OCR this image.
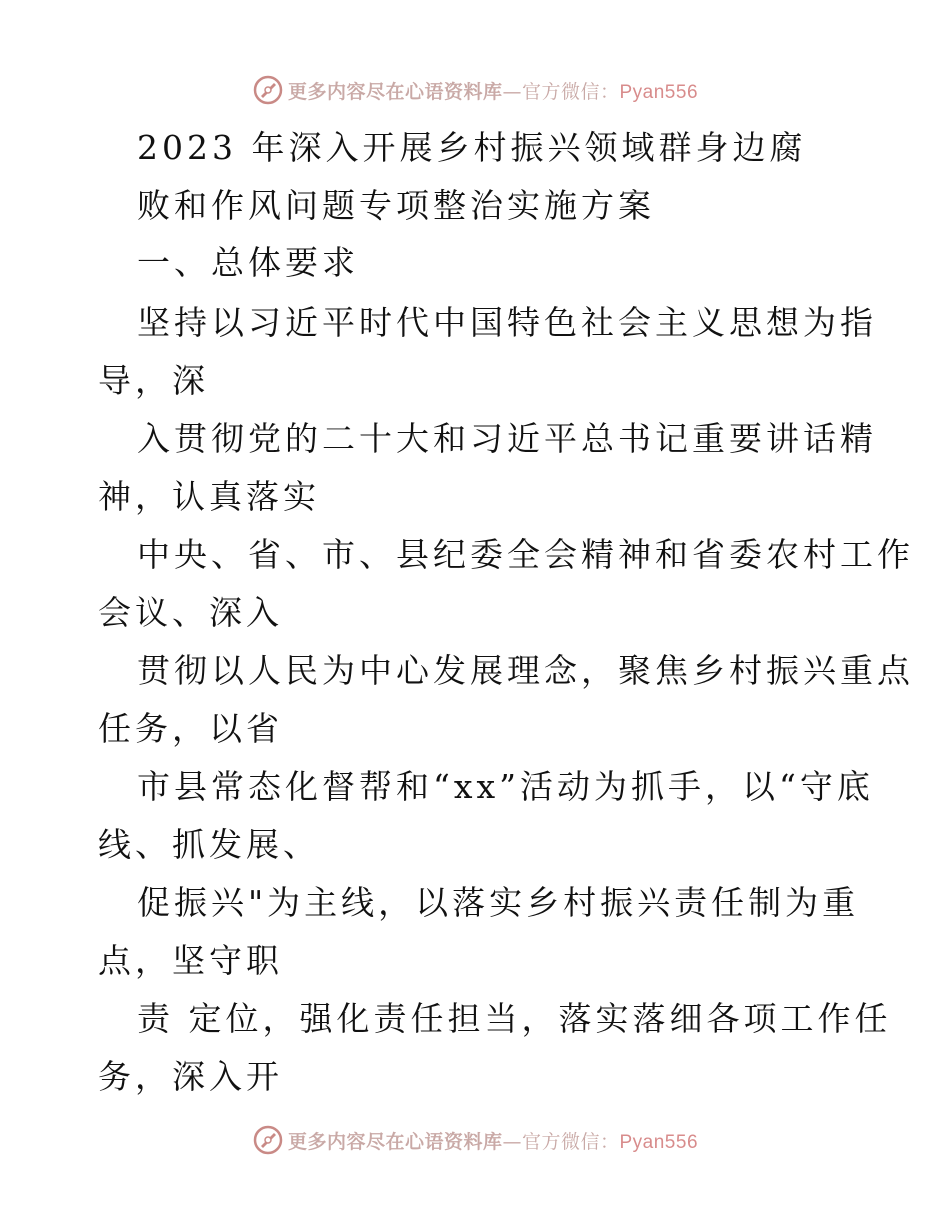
更多内容尽在心语资料库—官方微信：Pyan556
2023 年深入开展乡村振兴领域群身边腐
败和作风问题专项整治实施方案
一、总体要求
坚持以习近平时代中国特色社会主义思想为指
导，深
入贯彻党的二十大和习近平总书记重要讲话精
神，认真落实
中央、省、市、县纪委全会精神和省委农村工作
会议、深入
贯彻以人民为中心发展理念，聚焦乡村振兴重点
任务，以省
市县常态化督帮和“xx”活动为抓手，以“守底
线、抓发展、
促振兴"为主线，以落实乡村振兴责任制为重
点，坚守职
责 定位，强化责任担当，落实落细各项工作任
务，深入开
更多内容尽在心语资料库—官方微信：Pyan556
